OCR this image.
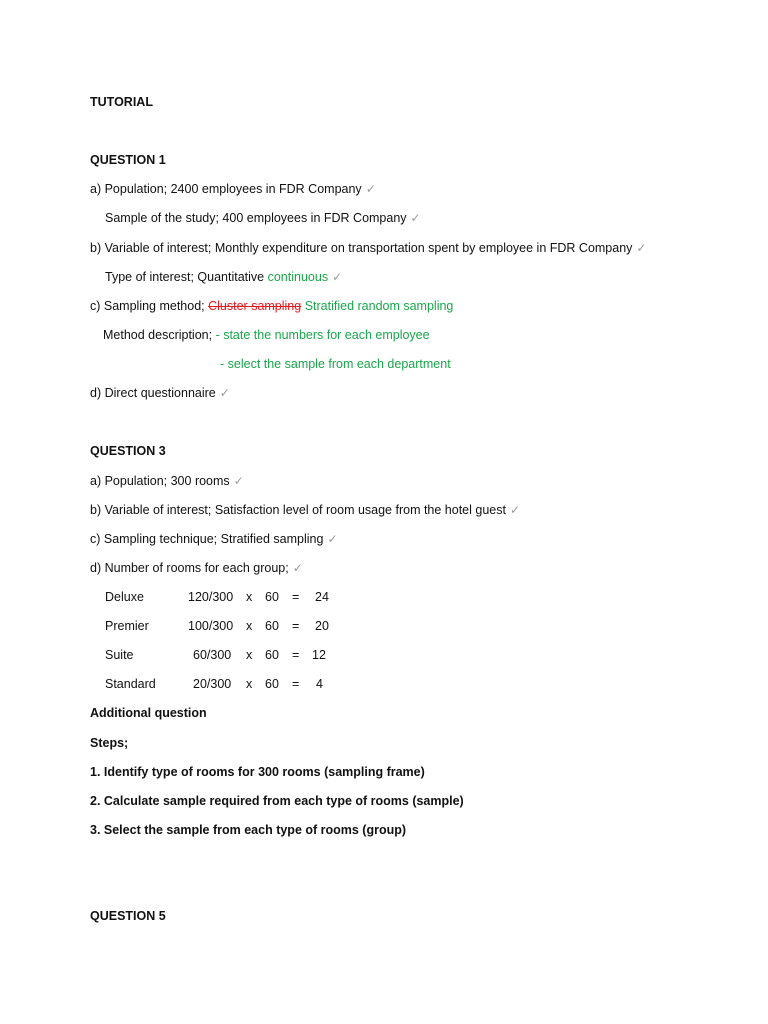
TUTORIAL
QUESTION 1
a) Population; 2400 employees in FDR Company ✓
Sample of the study; 400 employees in FDR Company ✓
b) Variable of interest; Monthly expenditure on transportation spent by employee in FDR Company ✓
Type of interest; Quantitative continuous ✓
c) Sampling method; Cluster sampling Stratified random sampling
Method description; - state the numbers for each employee
- select the sample from each department
d) Direct questionnaire ✓
QUESTION 3
a) Population; 300 rooms ✓
b) Variable of interest; Satisfaction level of room usage from the hotel guest ✓
c) Sampling technique; Stratified sampling ✓
d) Number of rooms for each group; ✓
Deluxe	120/300 x 60 = 24
Premier	100/300 x 60 = 20
Suite	60/300 x 60 = 12
Standard	20/300 x 60 = 4
Additional question
Steps;
1. Identify type of rooms for 300 rooms (sampling frame)
2. Calculate sample required from each type of rooms (sample)
3. Select the sample from each type of rooms (group)
QUESTION 5
